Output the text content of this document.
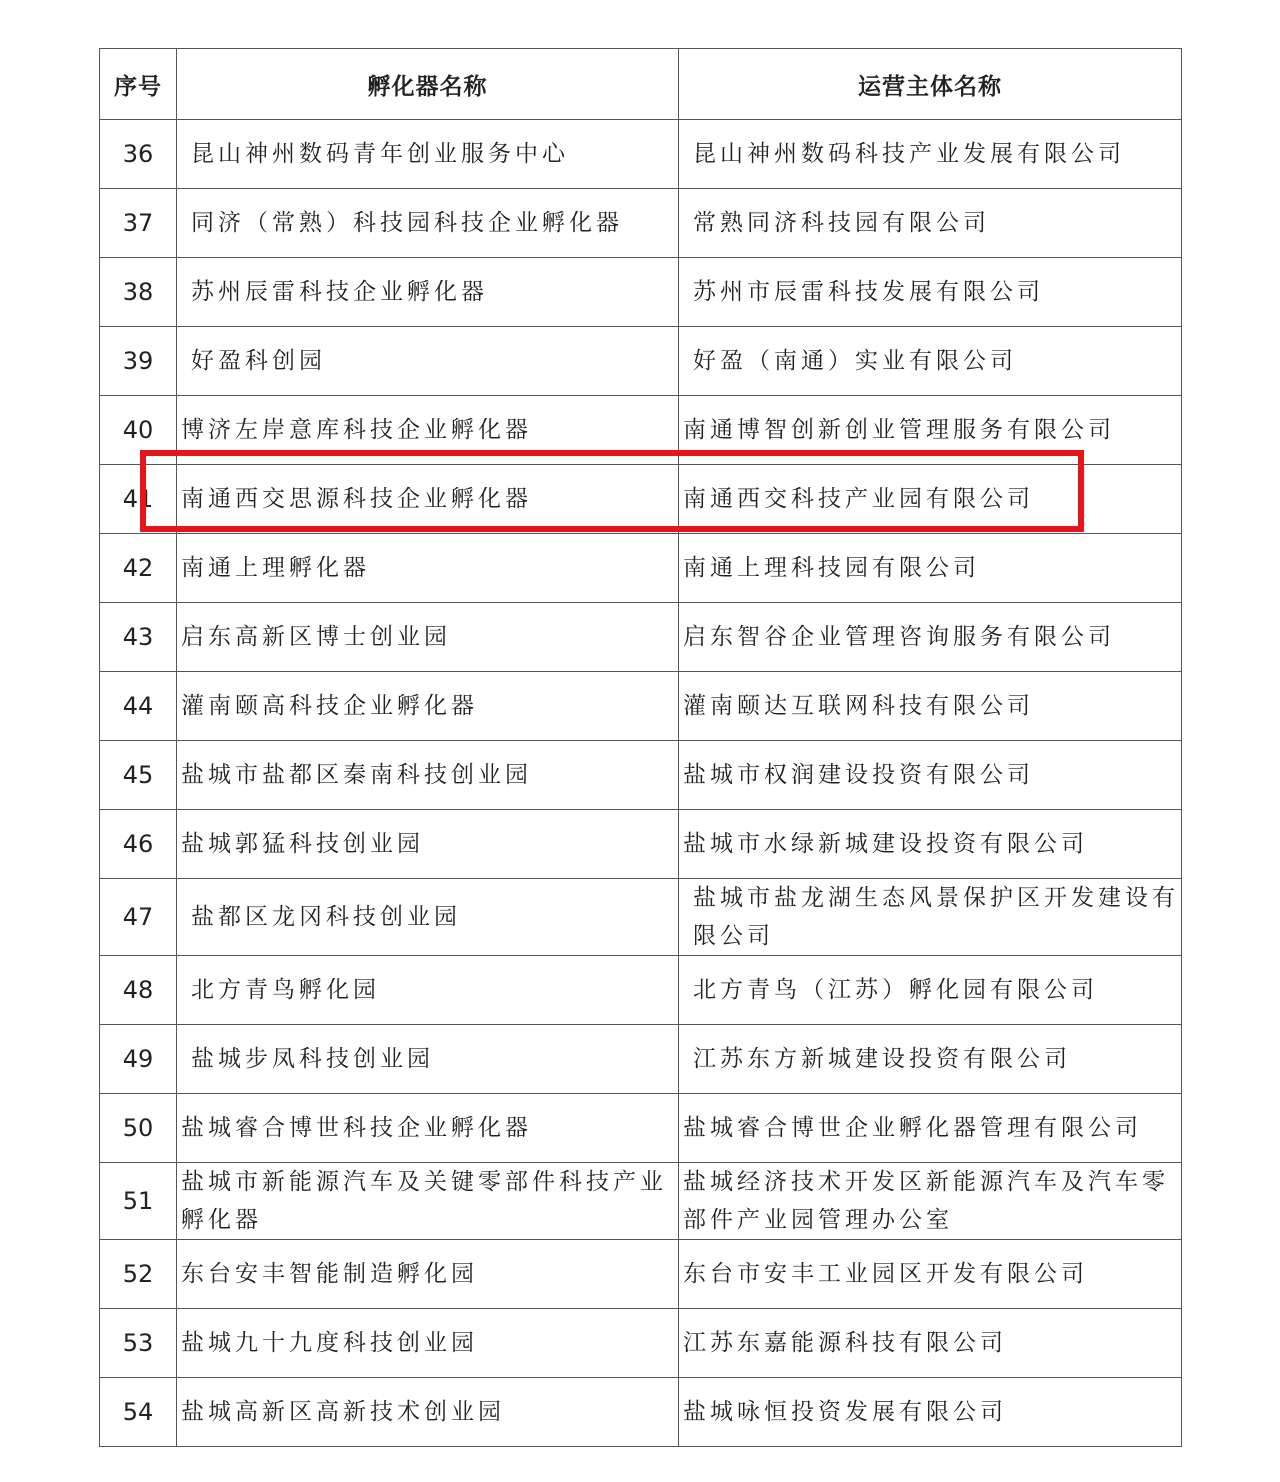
序号	孵化器名称	运营主体名称
36	昆山神州数码青年创业服务中心	昆山神州数码科技产业发展有限公司
37	同济（常熟）科技园科技企业孵化器	常熟同济科技园有限公司
38	苏州辰雷科技企业孵化器	苏州市辰雷科技发展有限公司
39	好盈科创园	好盈（南通）实业有限公司
40	博济左岸意库科技企业孵化器	南通博智创新创业管理服务有限公司
41	南通西交思源科技企业孵化器	南通西交科技产业园有限公司
42	南通上理孵化器	南通上理科技园有限公司
43	启东高新区博士创业园	启东智谷企业管理咨询服务有限公司
44	灌南颐高科技企业孵化器	灌南颐达互联网科技有限公司
45	盐城市盐都区秦南科技创业园	盐城市权润建设投资有限公司
46	盐城郭猛科技创业园	盐城市水绿新城建设投资有限公司
47	盐都区龙冈科技创业园	盐城市盐龙湖生态风景保护区开发建设有限公司
48	北方青鸟孵化园	北方青鸟（江苏）孵化园有限公司
49	盐城步凤科技创业园	江苏东方新城建设投资有限公司
50	盐城睿合博世科技企业孵化器	盐城睿合博世企业孵化器管理有限公司
51	盐城市新能源汽车及关键零部件科技产业孵化器	盐城经济技术开发区新能源汽车及汽车零部件产业园管理办公室
52	东台安丰智能制造孵化园	东台市安丰工业园区开发有限公司
53	盐城九十九度科技创业园	江苏东嘉能源科技有限公司
54	盐城高新区高新技术创业园	盐城咏恒投资发展有限公司
